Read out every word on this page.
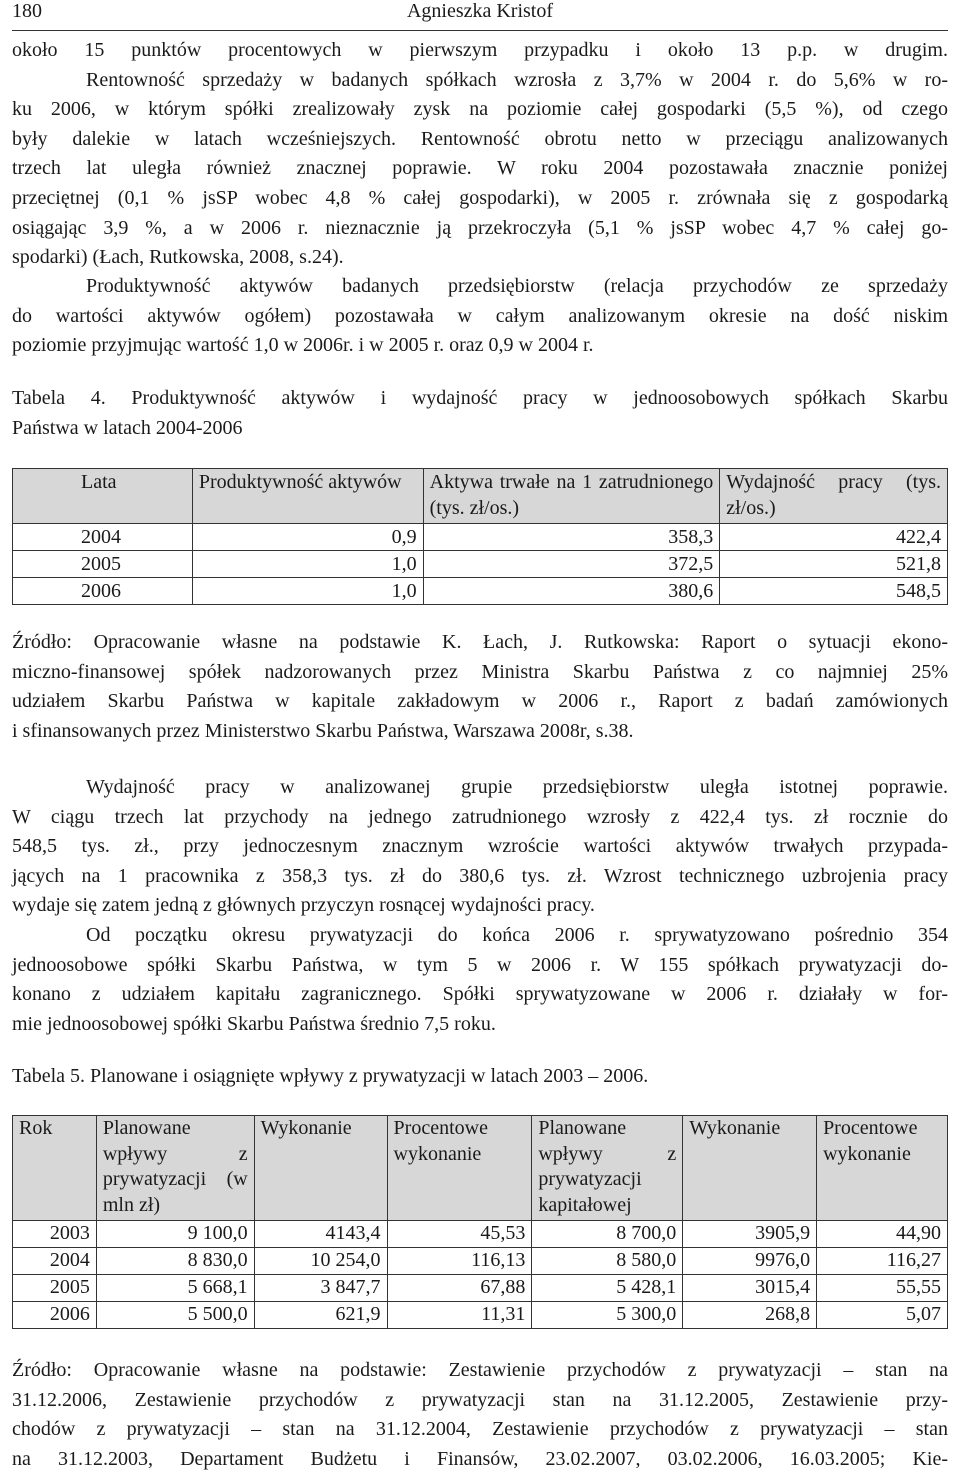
180	Agnieszka Kristof
około 15 punktów procentowych w pierwszym przypadku i około 13 p.p. w drugim.
Rentowność sprzedaży w badanych spółkach wzrosła z 3,7% w 2004 r. do 5,6% w ro-
ku 2006, w którym spółki zrealizowały zysk na poziomie całej gospodarki (5,5 %), od czego
były dalekie w latach wcześniejszych. Rentowność obrotu netto w przeciągu analizowanych
trzech lat uległa również znacznej poprawie. W roku 2004 pozostawała znacznie poniżej
przeciętnej (0,1 % jsSP wobec 4,8 % całej gospodarki), w 2005 r. zrównała się z gospodarką
osiągając 3,9 %, a w 2006 r. nieznacznie ją przekroczyła (5,1 % jsSP wobec 4,7 % całej go-
spodarki) (Łach, Rutkowska, 2008, s.24).
Produktywność aktywów badanych przedsiębiorstw (relacja przychodów ze sprzedaży
do wartości aktywów ogółem) pozostawała w całym analizowanym okresie na dość niskim
poziomie przyjmując wartość 1,0 w 2006r. i w 2005 r. oraz 0,9 w 2004 r.
Tabela 4. Produktywność aktywów i wydajność pracy w jednoosobowych spółkach Skarbu
Państwa w latach 2004-2006
Lata	Produktywność aktywów	Aktywa trwałe na 1 zatrudnionego (tys. zł/os.)	Wydajność pracy (tys. zł/os.)
2004	0,9	358,3	422,4
2005	1,0	372,5	521,8
2006	1,0	380,6	548,5
Źródło: Opracowanie własne na podstawie K. Łach, J. Rutkowska: Raport o sytuacji ekono-
miczno-finansowej spółek nadzorowanych przez Ministra Skarbu Państwa z co najmniej 25%
udziałem Skarbu Państwa w kapitale zakładowym w 2006 r., Raport z badań zamówionych
i sfinansowanych przez Ministerstwo Skarbu Państwa, Warszawa 2008r, s.38.
Wydajność pracy w analizowanej grupie przedsiębiorstw uległa istotnej poprawie.
W ciągu trzech lat przychody na jednego zatrudnionego wzrosły z 422,4 tys. zł rocznie do
548,5 tys. zł., przy jednoczesnym znacznym wzroście wartości aktywów trwałych przypada-
jących na 1 pracownika z 358,3 tys. zł do 380,6 tys. zł. Wzrost technicznego uzbrojenia pracy
wydaje się zatem jedną z głównych przyczyn rosnącej wydajności pracy.
Od początku okresu prywatyzacji do końca 2006 r. sprywatyzowano pośrednio 354
jednoosobowe spółki Skarbu Państwa, w tym 5 w 2006 r. W 155 spółkach prywatyzacji do-
konano z udziałem kapitału zagranicznego. Spółki sprywatyzowane w 2006 r. działały w for-
mie jednoosobowej spółki Skarbu Państwa średnio 7,5 roku.
Tabela 5. Planowane i osiągnięte wpływy z prywatyzacji w latach 2003 – 2006.
Rok	Planowane wpływy z prywatyzacji (w mln zł)	Wykonanie	Procentowe wykonanie	Planowane wpływy z prywatyzacji kapitałowej	Wykonanie	Procentowe wykonanie
2003	9 100,0	4143,4	45,53	8 700,0	3905,9	44,90
2004	8 830,0	10 254,0	116,13	8 580,0	9976,0	116,27
2005	5 668,1	3 847,7	67,88	5 428,1	3015,4	55,55
2006	5 500,0	621,9	11,31	5 300,0	268,8	5,07
Źródło: Opracowanie własne na podstawie: Zestawienie przychodów z prywatyzacji – stan na
31.12.2006, Zestawienie przychodów z prywatyzacji stan na 31.12.2005, Zestawienie przy-
chodów z prywatyzacji – stan na 31.12.2004, Zestawienie przychodów z prywatyzacji – stan
na 31.12.2003, Departament Budżetu i Finansów, 23.02.2007, 03.02.2006, 16.03.2005; Kie-
